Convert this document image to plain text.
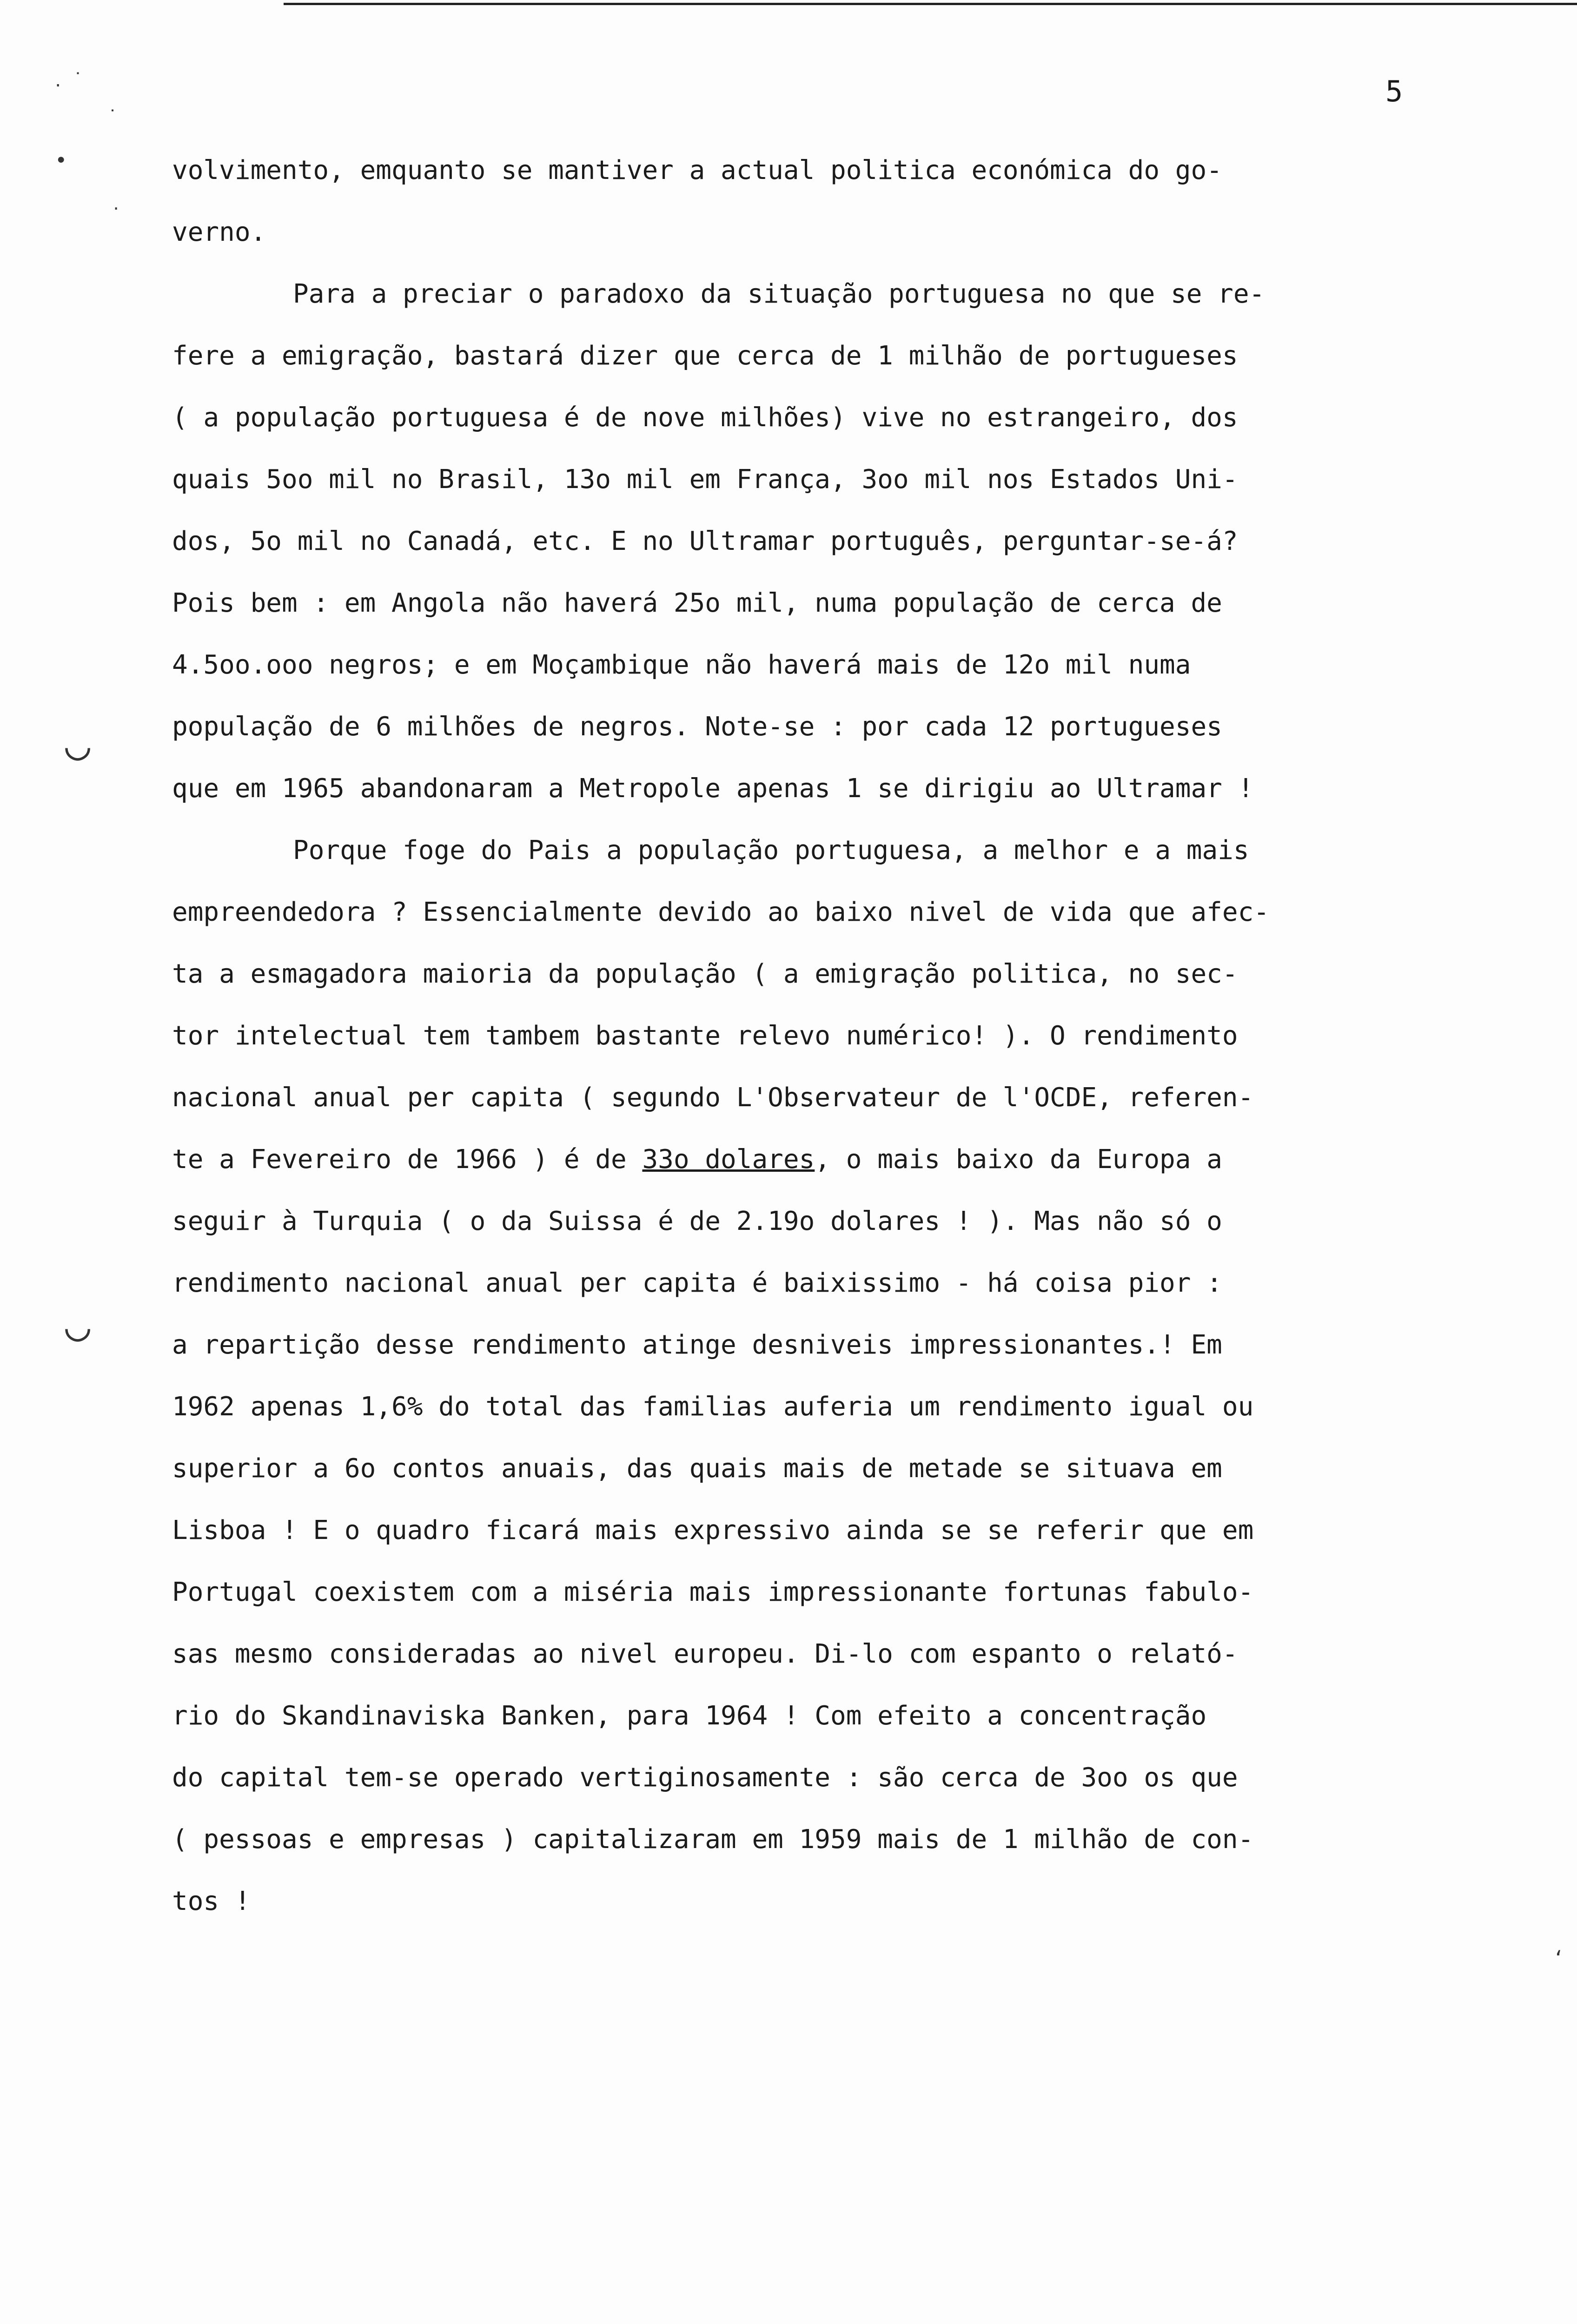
5
․ ˙
˙
•
·
◡
◡
‘
volvimento, emquanto se mantiver a actual politica económica do go-
verno.
Para a preciar o paradoxo da situação portuguesa no que se re-
fere a emigração, bastará dizer que cerca de 1 milhão de portugueses
( a população portuguesa é de nove milhões) vive no estrangeiro, dos
quais 5oo mil no Brasil, 13o mil em França, 3oo mil nos Estados Uni-
dos, 5o mil no Canadá, etc. E no Ultramar português, perguntar-se-á?
Pois bem : em Angola não haverá 25o mil, numa população de cerca de
4.5oo.ooo negros; e em Moçambique não haverá mais de 12o mil numa
população de 6 milhões de negros. Note-se : por cada 12 portugueses
que em 1965 abandonaram a Metropole apenas 1 se dirigiu ao Ultramar !
Porque foge do Pais a população portuguesa, a melhor e a mais
empreendedora ? Essencialmente devido ao baixo nivel de vida que afec-
ta a esmagadora maioria da população ( a emigração politica, no sec-
tor intelectual tem tambem bastante relevo numérico! ). O rendimento
nacional anual per capita ( segundo L'Observateur de l'OCDE, referen-
te a Fevereiro de 1966 ) é de 33o dolares, o mais baixo da Europa a
seguir à Turquia ( o da Suissa é de 2.19o dolares ! ). Mas não só o
rendimento nacional anual per capita é baixissimo - há coisa pior :
a repartição desse rendimento atinge desniveis impressionantes.! Em
1962 apenas 1,6% do total das familias auferia um rendimento igual ou
superior a 6o contos anuais, das quais mais de metade se situava em
Lisboa ! E o quadro ficará mais expressivo ainda se se referir que em
Portugal coexistem com a miséria mais impressionante fortunas fabulo-
sas mesmo consideradas ao nivel europeu. Di-lo com espanto o relató-
rio do Skandinaviska Banken, para 1964 ! Com efeito a concentração
do capital tem-se operado vertiginosamente : são cerca de 3oo os que
( pessoas e empresas ) capitalizaram em 1959 mais de 1 milhão de con-
tos !
